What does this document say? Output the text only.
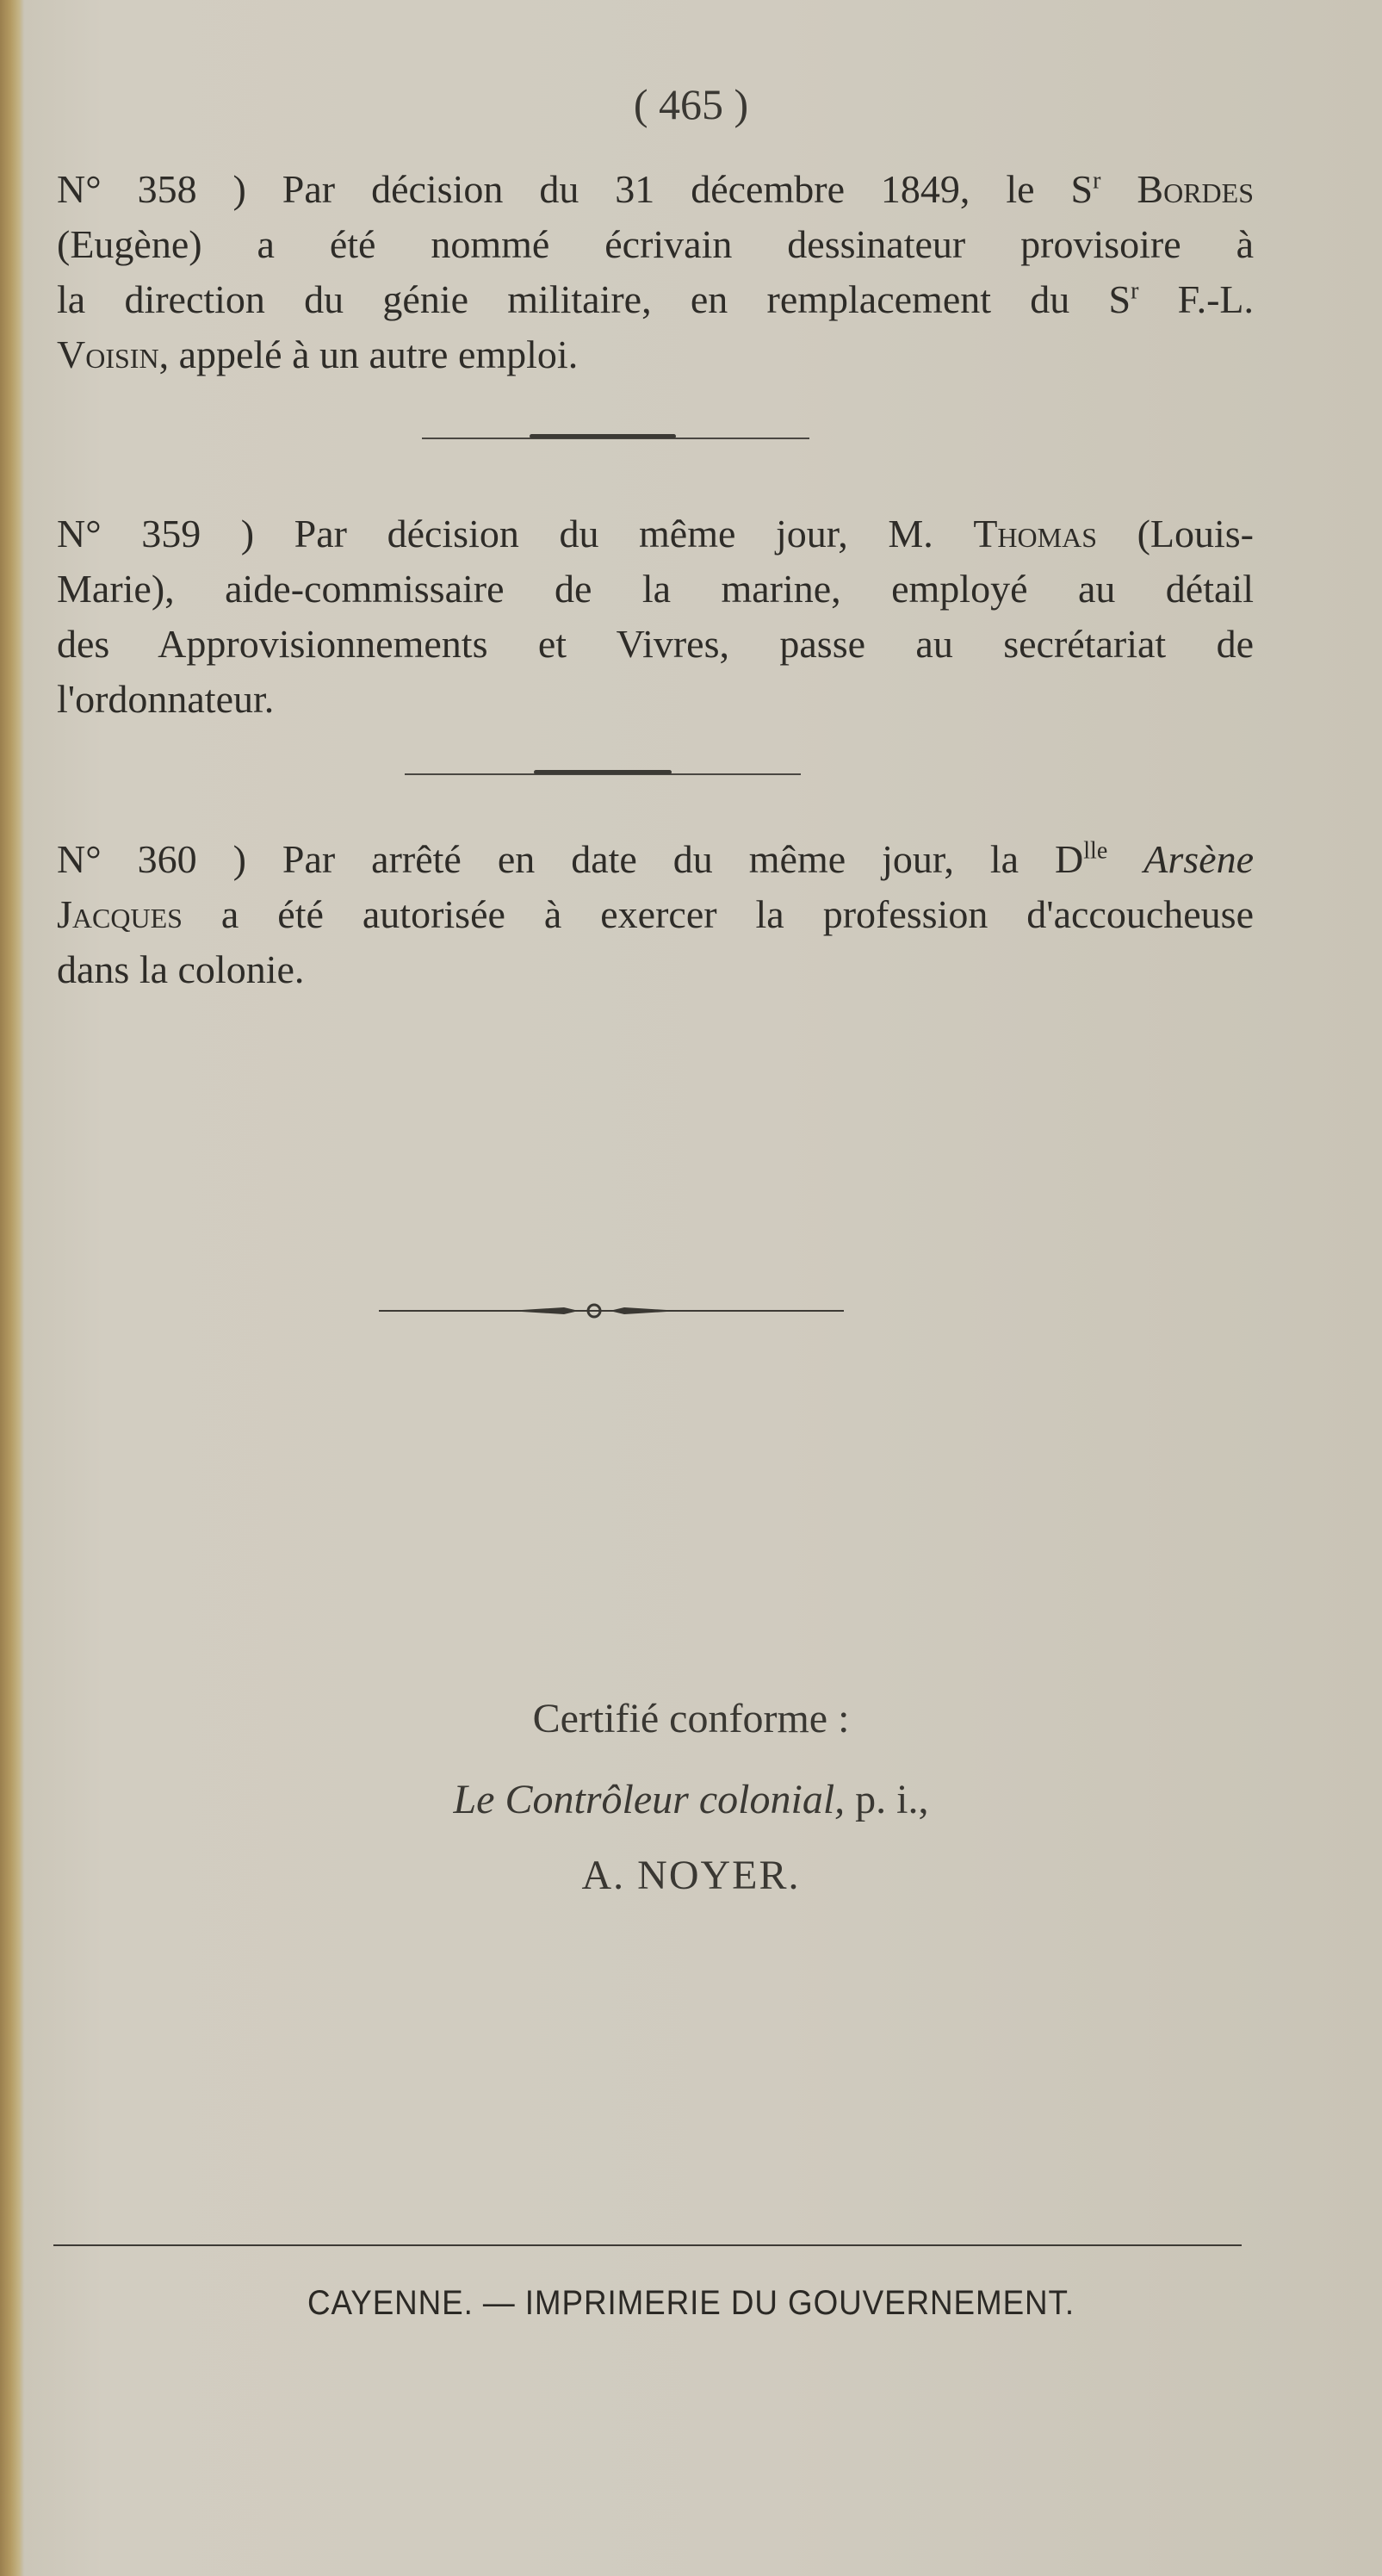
( 465 )
N° 358 ) Par décision du 31 décembre 1849, le $S^r$ Bordes
(Eugène) a été nommé écrivain dessinateur provisoire à
la direction du génie militaire, en remplacement du $S^r$ F.-L.
Voisin, appelé à un autre emploi.
N° 359 ) Par décision du même jour, M. Thomas (Louis-
Marie), aide-commissaire de la marine, employé au détail
des Approvisionnements et Vivres, passe au secrétariat de
l'ordonnateur.
N° 360 ) Par arrêté en date du même jour, la $D^{lle}$ Arsène
Jacques a été autorisée à exercer la profession d'accoucheuse
dans la colonie.
Certifié conforme :
Le Contrôleur colonial, p. i.,
A. NOYER.
CAYENNE. — IMPRIMERIE DU GOUVERNEMENT.
